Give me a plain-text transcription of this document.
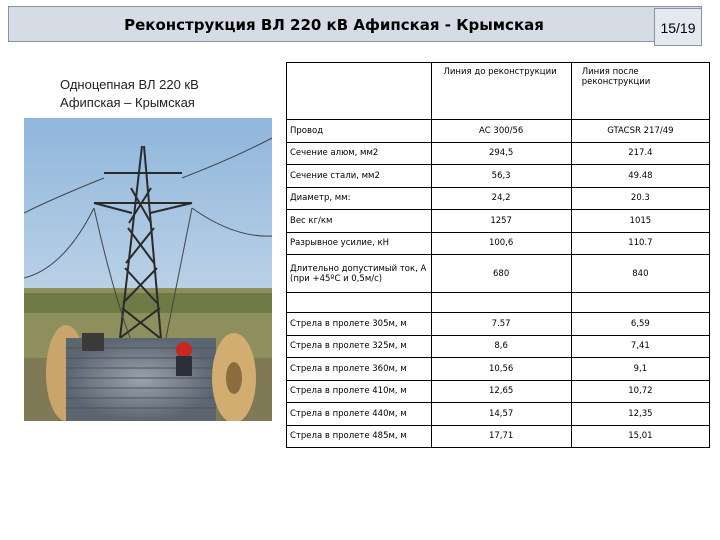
Реконструкция ВЛ 220 кВ Афипская - Крымская	15/19
Одноцепная ВЛ 220 кВ
Афипская – Крымская
	Линия до реконструкции	Линия после реконструкции
Провод	АС 300/56	GTACSR 217/49
Сечение алюм, мм2	294,5	217.4
Сечение стали, мм2	56,3	49.48
Диаметр, мм:	24,2	20.3
Вес кг/км	1257	1015
Разрывное усилие, кН	100,6	110.7
Длительно допустимый ток, А (при +45ºС и 0,5м/с)	680	840

Стрела в пролете 305м, м	7.57	6,59
Стрела в пролете 325м, м	8,6	7,41
Стрела в пролете 360м, м	10,56	9,1
Стрела в пролете 410м, м	12,65	10,72
Стрела в пролете 440м, м	14,57	12,35
Стрела в пролете 485м, м	17,71	15,01
